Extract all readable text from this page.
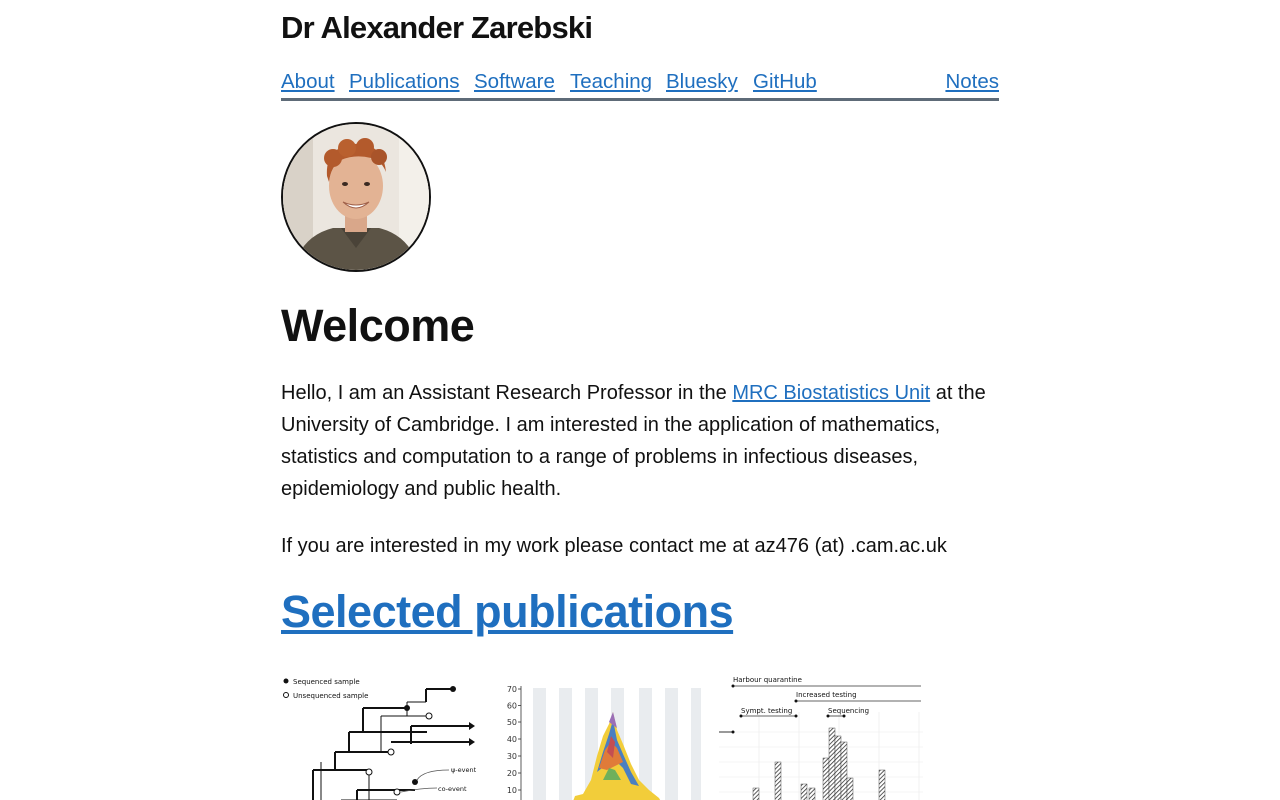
Dr Alexander Zarebski
About Publications Software Teaching Bluesky GitHub	Notes
Welcome

Hello, I am an Assistant Research Professor in the MRC Biostatistics Unit at the University of Cambridge. I am interested in the application of mathematics, statistics and computation to a range of problems in infectious diseases, epidemiology and public health.

If you are interested in my work please contact me at az476 (at) .cam.ac.uk

Selected publications
Sequenced sample
Unsequenced sample
ψ-event
co-event
70
60
50
40
30
20
10
Harbour quarantine
Increased testing
Sympt. testing	Sequencing
